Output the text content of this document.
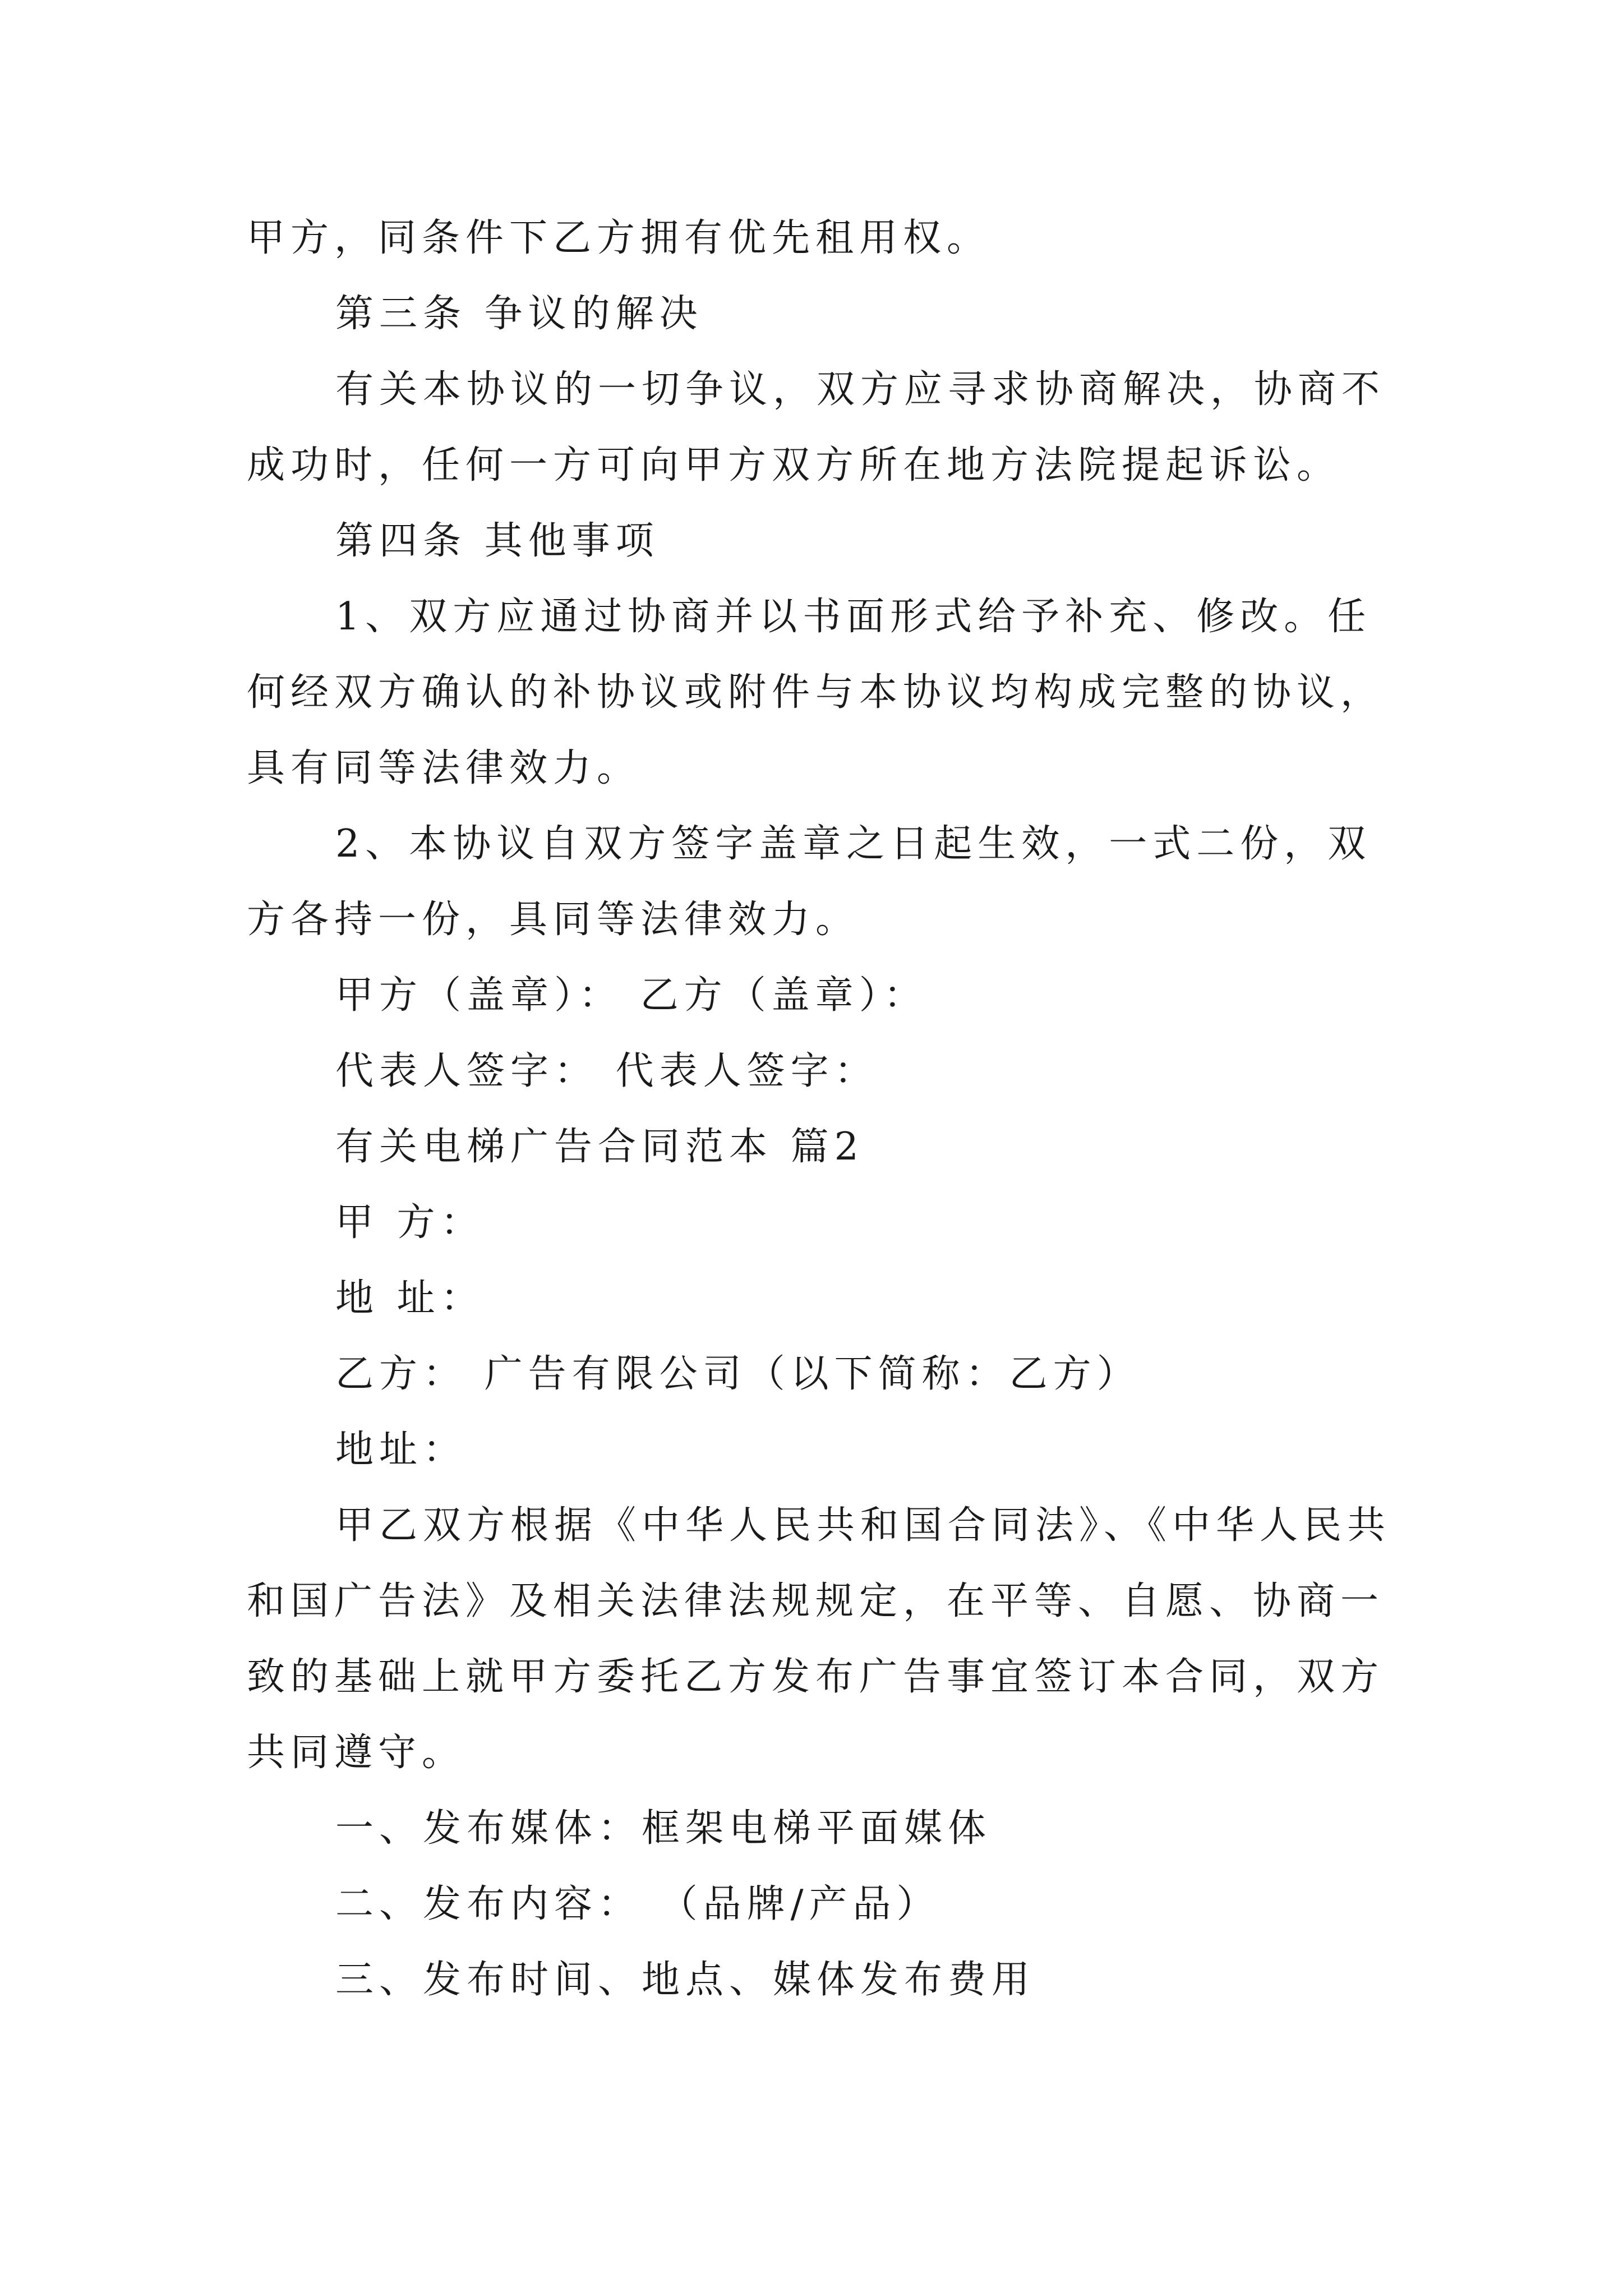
甲方，同条件下乙方拥有优先租用权。
第三条 争议的解决
有关本协议的一切争议，双方应寻求协商解决，协商不
成功时，任何一方可向甲方双方所在地方法院提起诉讼。
第四条 其他事项
1、双方应通过协商并以书面形式给予补充、修改。任
何经双方确认的补协议或附件与本协议均构成完整的协议，
具有同等法律效力。
2、本协议自双方签字盖章之日起生效，一式二份，双
方各持一份，具同等法律效力。
甲方（盖章）： 乙方（盖章）：
代表人签字： 代表人签字：
有关电梯广告合同范本 篇2
甲 方：
地 址：
乙方： 广告有限公司（以下简称：乙方）
地址：
甲乙双方根据《中华人民共和国合同法》、《中华人民共
和国广告法》及相关法律法规规定，在平等、自愿、协商一
致的基础上就甲方委托乙方发布广告事宜签订本合同，双方
共同遵守。
一、发布媒体：框架电梯平面媒体
二、发布内容： （品牌/产品）
三、发布时间、地点、媒体发布费用
